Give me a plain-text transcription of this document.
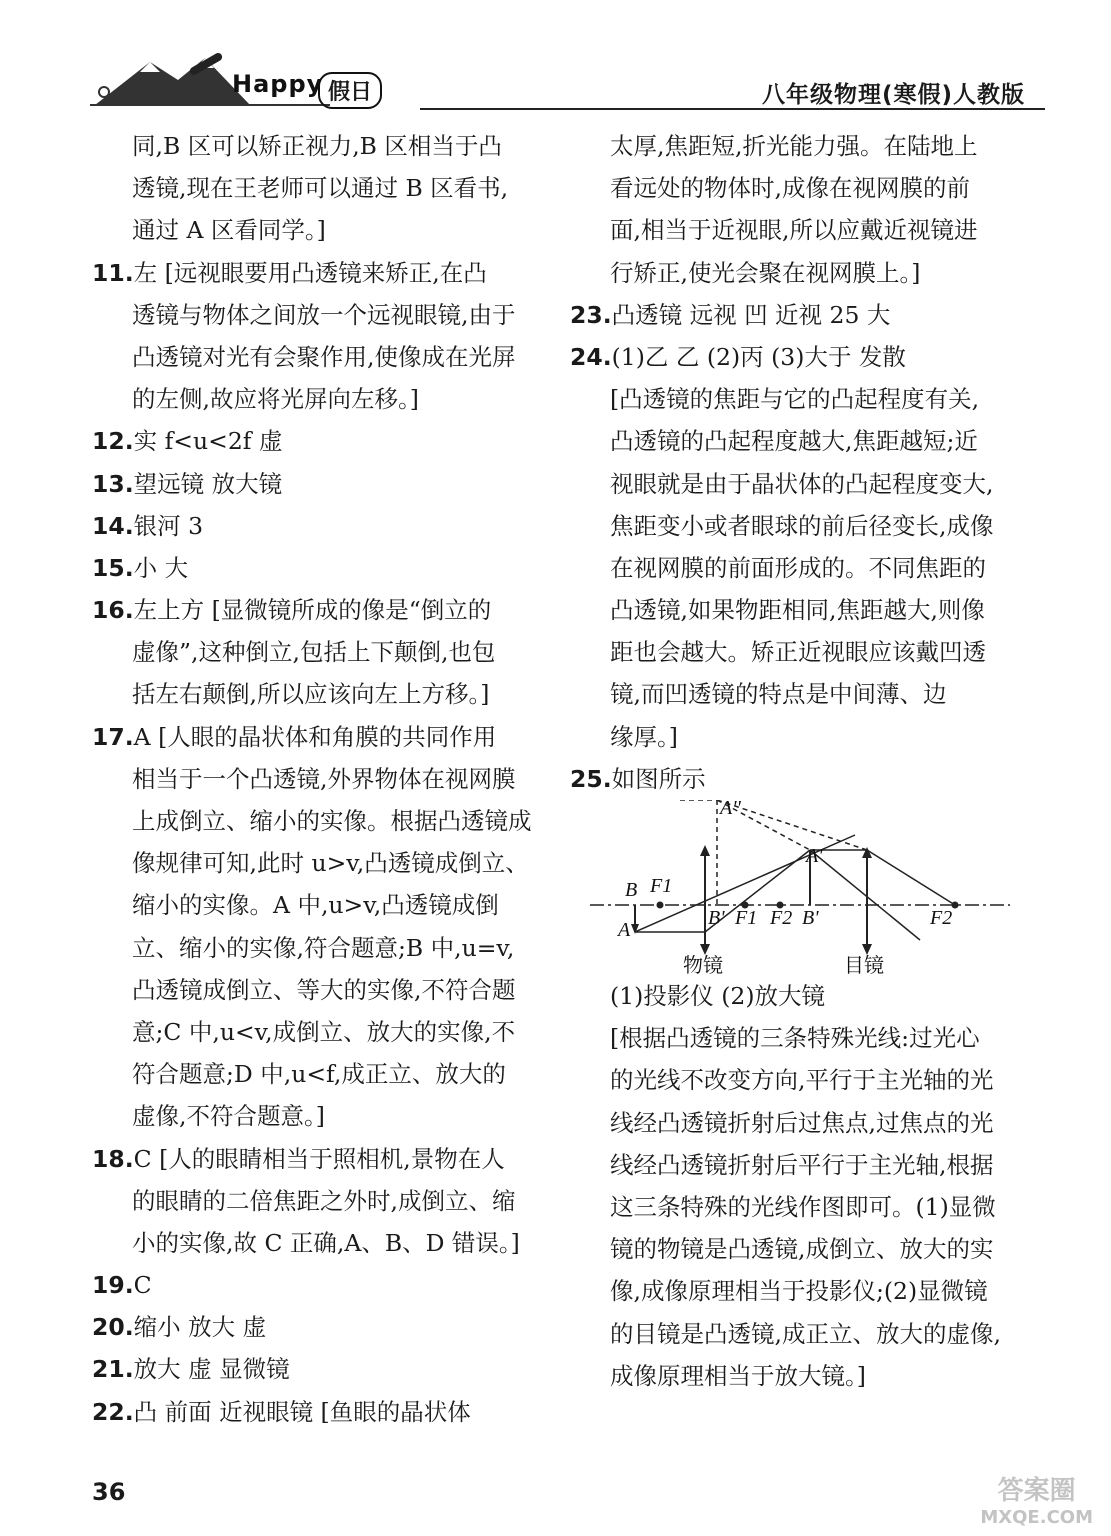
Happy 假日	八年级物理(寒假)人教版
同,B 区可以矫正视力,B 区相当于凸
透镜,现在王老师可以通过 B 区看书,
通过 A 区看同学。]
11.左 [远视眼要用凸透镜来矫正,在凸
透镜与物体之间放一个远视眼镜,由于
凸透镜对光有会聚作用,使像成在光屏
的左侧,故应将光屏向左移。]
12.实 f<u<2f 虚
13.望远镜 放大镜
14.银河 3
15.小 大
16.左上方 [显微镜所成的像是“倒立的
虚像”,这种倒立,包括上下颠倒,也包
括左右颠倒,所以应该向左上方移。]
17.A [人眼的晶状体和角膜的共同作用
相当于一个凸透镜,外界物体在视网膜
上成倒立、缩小的实像。根据凸透镜成
像规律可知,此时 u>v,凸透镜成倒立、
缩小的实像。A 中,u>v,凸透镜成倒
立、缩小的实像,符合题意;B 中,u=v,
凸透镜成倒立、等大的实像,不符合题
意;C 中,u<v,成倒立、放大的实像,不
符合题意;D 中,u<f,成正立、放大的
虚像,不符合题意。]
18.C [人的眼睛相当于照相机,景物在人
的眼睛的二倍焦距之外时,成倒立、缩
小的实像,故 C 正确,A、B、D 错误。]
19.C
20.缩小 放大 虚
21.放大 虚 显微镜
22.凸 前面 近视眼镜 [鱼眼的晶状体
太厚,焦距短,折光能力强。在陆地上
看远处的物体时,成像在视网膜的前
面,相当于近视眼,所以应戴近视镜进
行矫正,使光会聚在视网膜上。]
23.凸透镜 远视 凹 近视 25 大
24.(1)乙 乙 (2)丙 (3)大于 发散
[凸透镜的焦距与它的凸起程度有关,
凸透镜的凸起程度越大,焦距越短;近
视眼就是由于晶状体的凸起程度变大,
焦距变小或者眼球的前后径变长,成像
在视网膜的前面形成的。不同焦距的
凸透镜,如果物距相同,焦距越大,则像
距也会越大。矫正近视眼应该戴凹透
镜,而凹透镜的特点是中间薄、边
缘厚。]
25.如图所示
A''
A'
B F1
A
B' F1 F2 B'	F2
物镜	目镜
(1)投影仪 (2)放大镜
[根据凸透镜的三条特殊光线:过光心
的光线不改变方向,平行于主光轴的光
线经凸透镜折射后过焦点,过焦点的光
线经凸透镜折射后平行于主光轴,根据
这三条特殊的光线作图即可。(1)显微
镜的物镜是凸透镜,成倒立、放大的实
像,成像原理相当于投影仪;(2)显微镜
的目镜是凸透镜,成正立、放大的虚像,
成像原理相当于放大镜。]
36	答案圈
MXQE.COM
